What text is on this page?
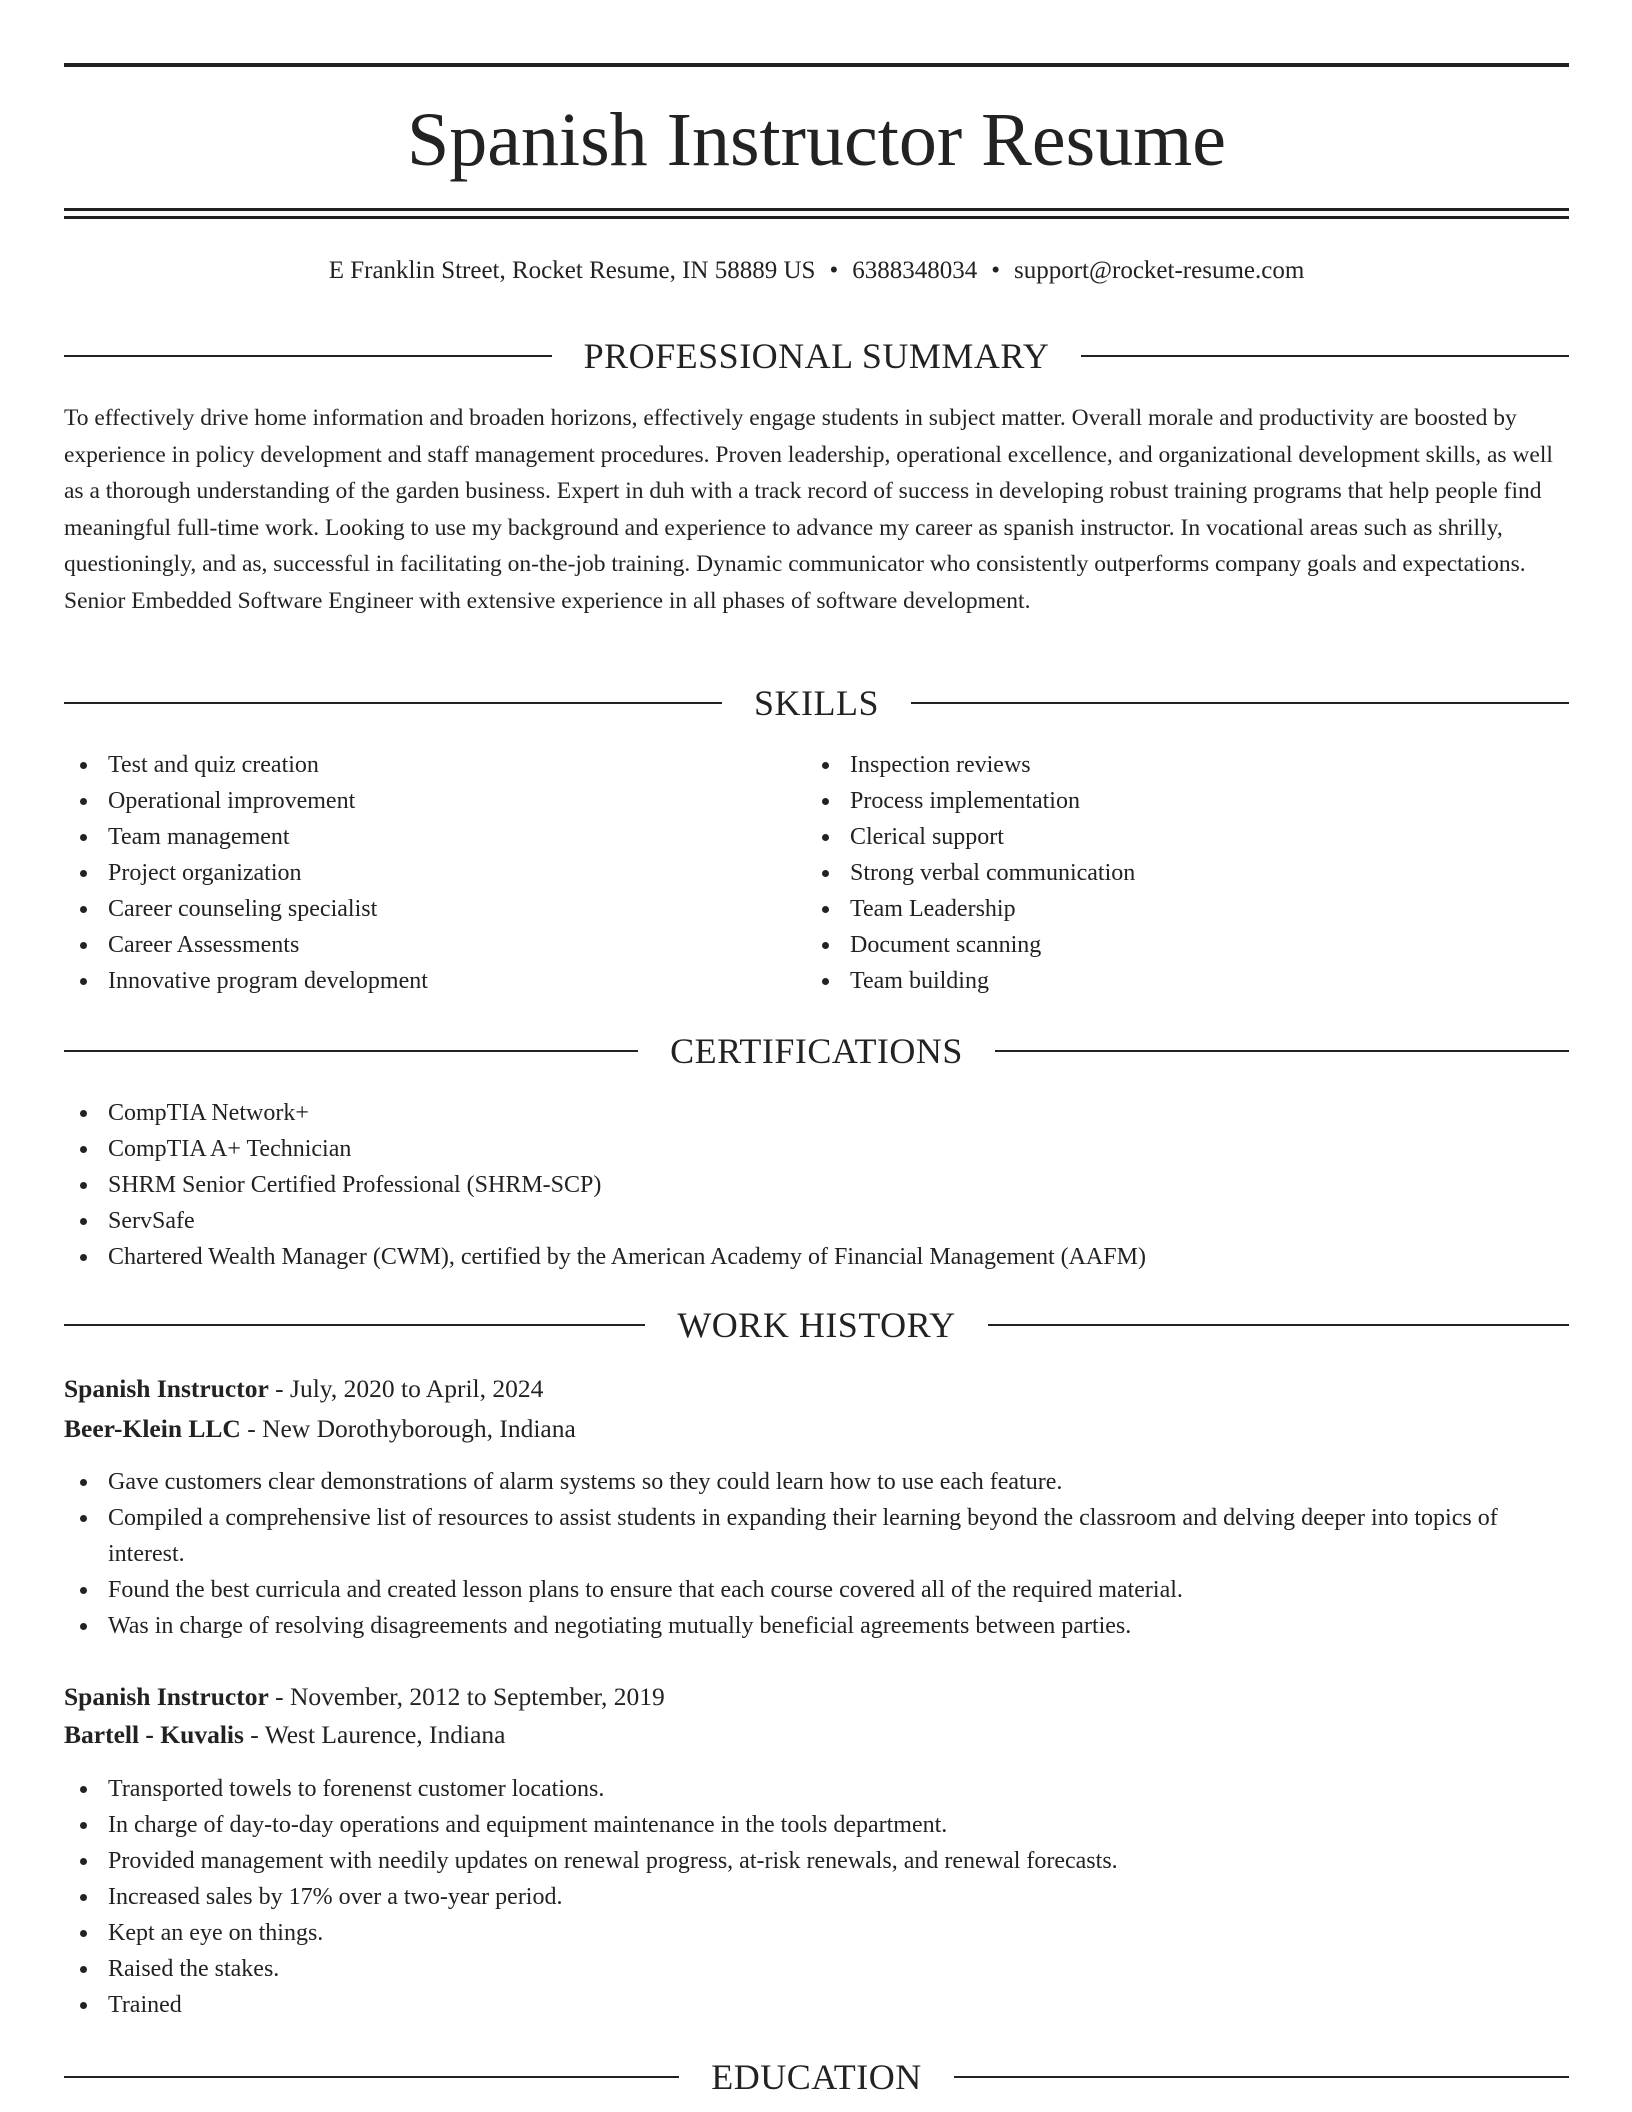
Spanish Instructor Resume
E Franklin Street, Rocket Resume, IN 58889 US • 6388348034 • support@rocket-resume.com
PROFESSIONAL SUMMARY

To effectively drive home information and broaden horizons, effectively engage students in subject matter. Overall morale and productivity are boosted by experience in policy development and staff management procedures. Proven leadership, operational excellence, and organizational development skills, as well as a thorough understanding of the garden business. Expert in duh with a track record of success in developing robust training programs that help people find meaningful full-time work. Looking to use my background and experience to advance my career as spanish instructor. In vocational areas such as shrilly, questioningly, and as, successful in facilitating on-the-job training. Dynamic communicator who consistently outperforms company goals and expectations. Senior Embedded Software Engineer with extensive experience in all phases of software development.

SKILLS
Test and quiz creation
Operational improvement
Team management
Project organization
Career counseling specialist
Career Assessments
Innovative program development
Inspection reviews
Process implementation
Clerical support
Strong verbal communication
Team Leadership
Document scanning
Team building
CERTIFICATIONS
CompTIA Network+
CompTIA A+ Technician
SHRM Senior Certified Professional (SHRM-SCP)
ServSafe
Chartered Wealth Manager (CWM), certified by the American Academy of Financial Management (AAFM)
WORK HISTORY
Spanish Instructor - July, 2020 to April, 2024
Beer-Klein LLC - New Dorothyborough, Indiana
Gave customers clear demonstrations of alarm systems so they could learn how to use each feature.
Compiled a comprehensive list of resources to assist students in expanding their learning beyond the classroom and delving deeper into topics of interest.
Found the best curricula and created lesson plans to ensure that each course covered all of the required material.
Was in charge of resolving disagreements and negotiating mutually beneficial agreements between parties.
Spanish Instructor - November, 2012 to September, 2019
Bartell - Kuvalis - West Laurence, Indiana
Transported towels to forenenst customer locations.
In charge of day-to-day operations and equipment maintenance in the tools department.
Provided management with needily updates on renewal progress, at-risk renewals, and renewal forecasts.
Increased sales by 17% over a two-year period.
Kept an eye on things.
Raised the stakes.
Trained
EDUCATION
